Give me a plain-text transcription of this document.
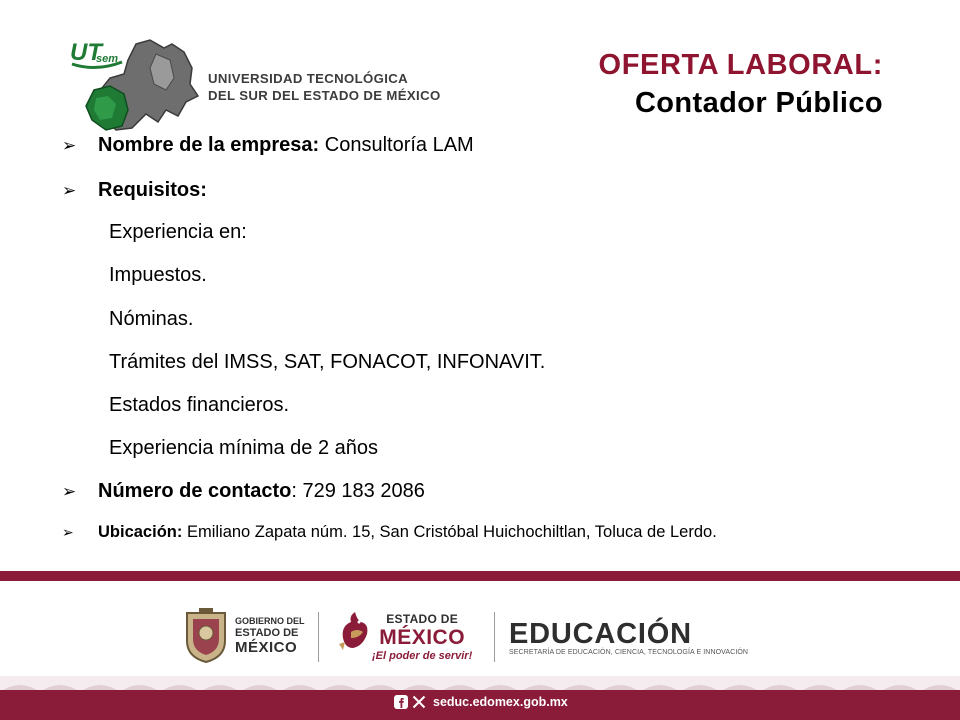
UT
sem
UNIVERSIDAD TECNOLÓGICA
DEL SUR DEL ESTADO DE MÉXICO
OFERTA LABORAL:
Contador Público
➢ Nombre de la empresa: Consultoría LAM
➢ Requisitos:
Experiencia en:
Impuestos.
Nóminas.
Trámites del IMSS, SAT, FONACOT, INFONAVIT.
Estados financieros.
Experiencia mínima de 2 años
➢ Número de contacto: 729 183 2086
➢ Ubicación: Emiliano Zapata núm. 15, San Cristóbal Huichochiltlan, Toluca de Lerdo.
GOBIERNO DEL
ESTADO DE
MÉXICO
ESTADO DE
MÉXICO
¡El poder de servir!
EDUCACIÓN
SECRETARÍA DE EDUCACIÓN, CIENCIA, TECNOLOGÍA E INNOVACIÓN
seduc.edomex.gob.mx
